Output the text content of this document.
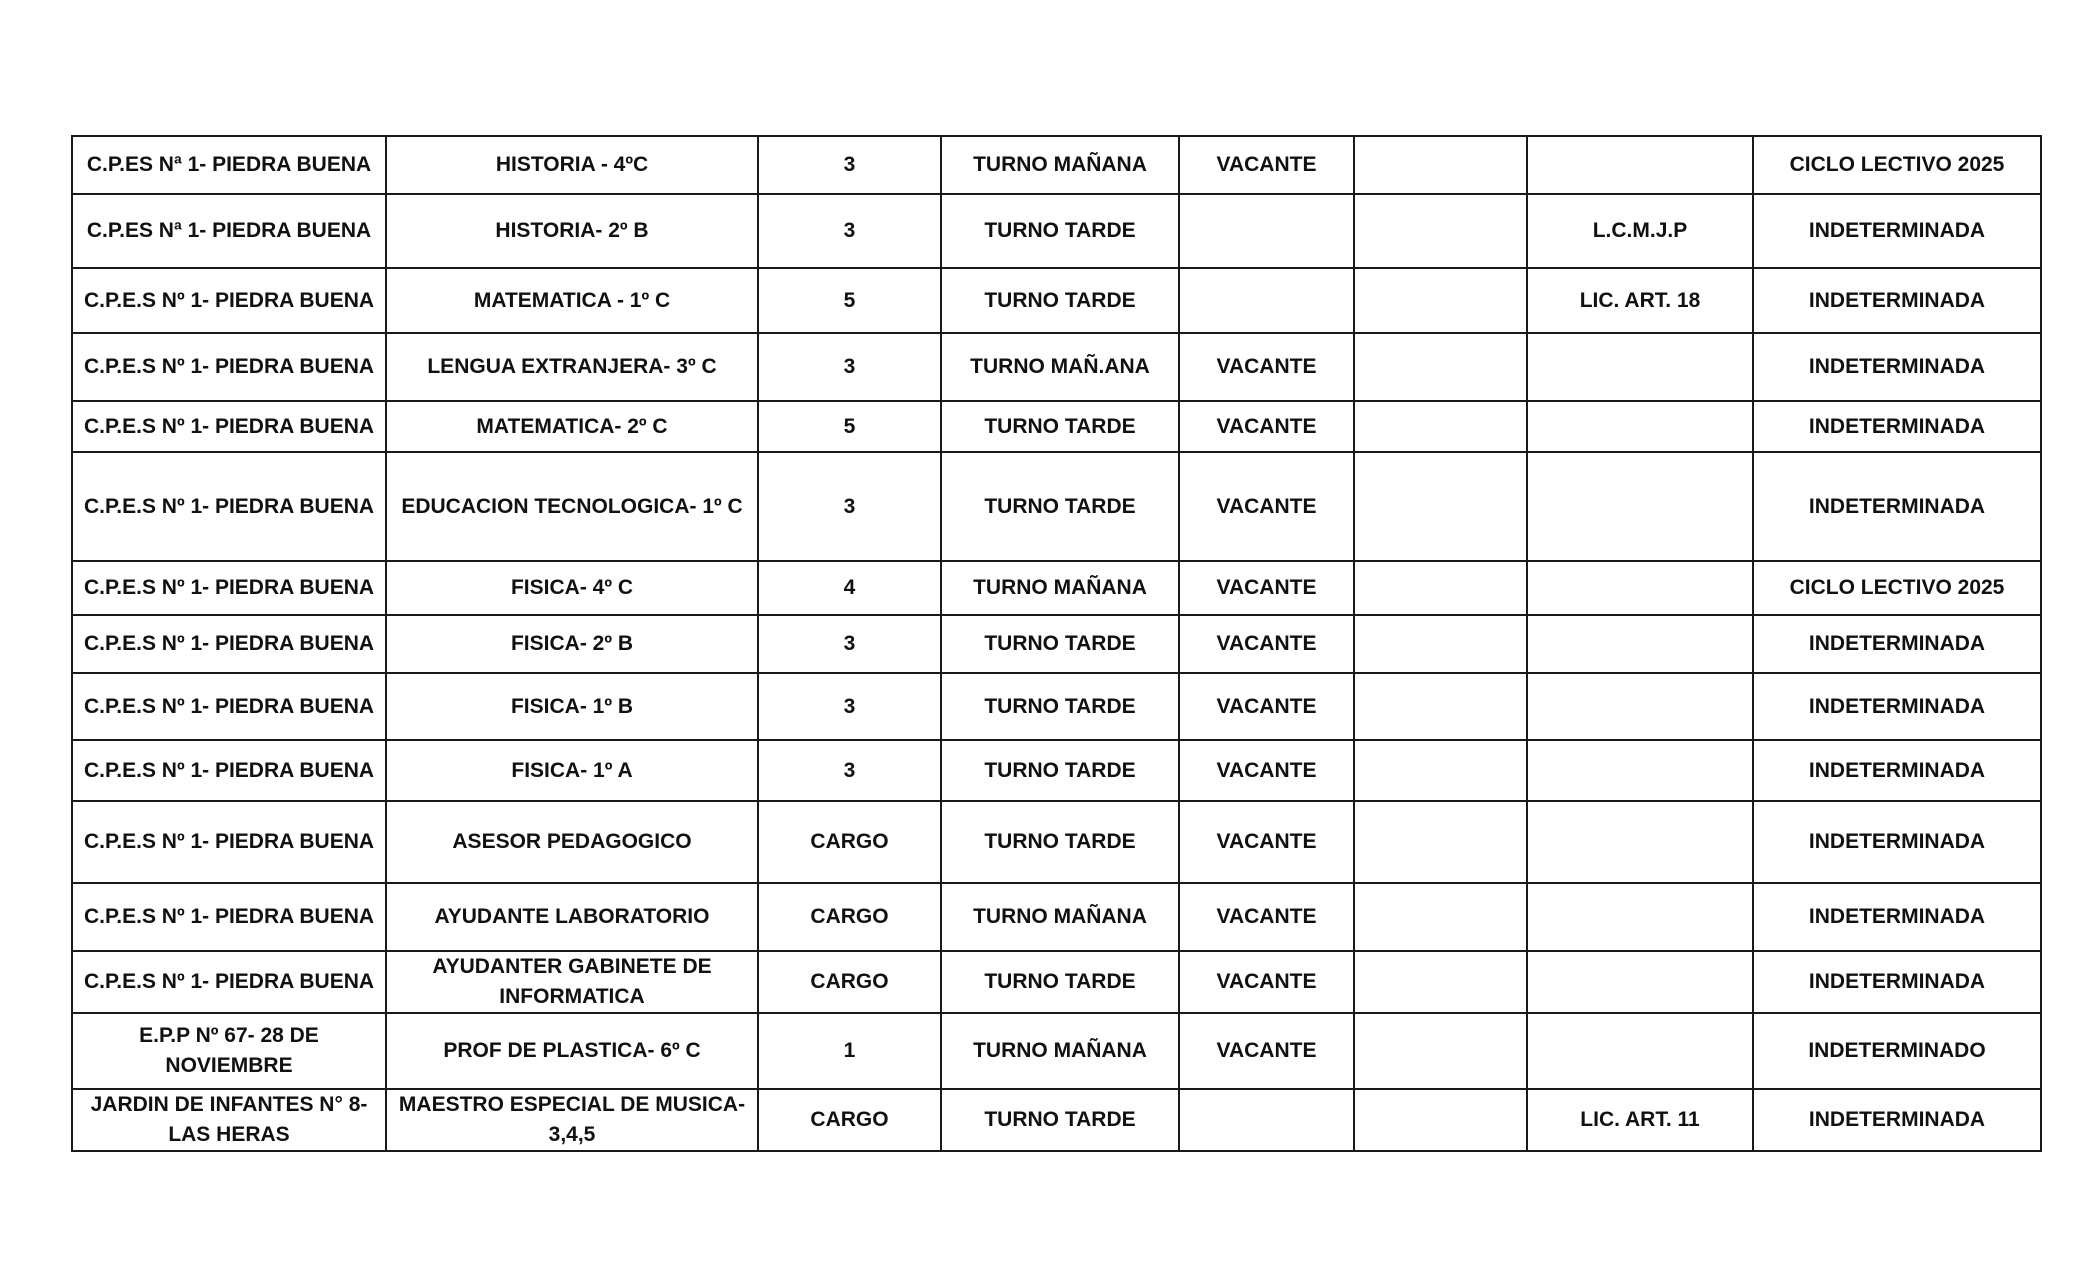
C.P.ES Nª 1- PIEDRA BUENA	HISTORIA - 4ºC	3	TURNO MAÑANA	VACANTE			CICLO LECTIVO 2025
C.P.ES Nª 1- PIEDRA BUENA	HISTORIA- 2º B	3	TURNO TARDE			L.C.M.J.P	INDETERMINADA
C.P.E.S Nº 1- PIEDRA BUENA	MATEMATICA - 1º C	5	TURNO TARDE			LIC. ART. 18	INDETERMINADA
C.P.E.S Nº 1- PIEDRA BUENA	LENGUA EXTRANJERA- 3º C	3	TURNO MAÑ.ANA	VACANTE			INDETERMINADA
C.P.E.S Nº 1- PIEDRA BUENA	MATEMATICA- 2º C	5	TURNO TARDE	VACANTE			INDETERMINADA
C.P.E.S Nº 1- PIEDRA BUENA	EDUCACION TECNOLOGICA- 1º C	3	TURNO TARDE	VACANTE			INDETERMINADA
C.P.E.S Nº 1- PIEDRA BUENA	FISICA- 4º C	4	TURNO MAÑANA	VACANTE			CICLO LECTIVO 2025
C.P.E.S Nº 1- PIEDRA BUENA	FISICA- 2º B	3	TURNO TARDE	VACANTE			INDETERMINADA
C.P.E.S Nº 1- PIEDRA BUENA	FISICA- 1º B	3	TURNO TARDE	VACANTE			INDETERMINADA
C.P.E.S Nº 1- PIEDRA BUENA	FISICA- 1º A	3	TURNO TARDE	VACANTE			INDETERMINADA
C.P.E.S Nº 1- PIEDRA BUENA	ASESOR PEDAGOGICO	CARGO	TURNO TARDE	VACANTE			INDETERMINADA
C.P.E.S Nº 1- PIEDRA BUENA	AYUDANTE LABORATORIO	CARGO	TURNO MAÑANA	VACANTE			INDETERMINADA
C.P.E.S Nº 1- PIEDRA BUENA	AYUDANTER GABINETE DE INFORMATICA	CARGO	TURNO TARDE	VACANTE			INDETERMINADA
E.P.P Nº 67- 28 DE NOVIEMBRE	PROF DE PLASTICA- 6º C	1	TURNO MAÑANA	VACANTE			INDETERMINADO
JARDIN DE INFANTES N° 8- LAS HERAS	MAESTRO ESPECIAL DE MUSICA- 3,4,5	CARGO	TURNO TARDE			LIC. ART. 11	INDETERMINADA
